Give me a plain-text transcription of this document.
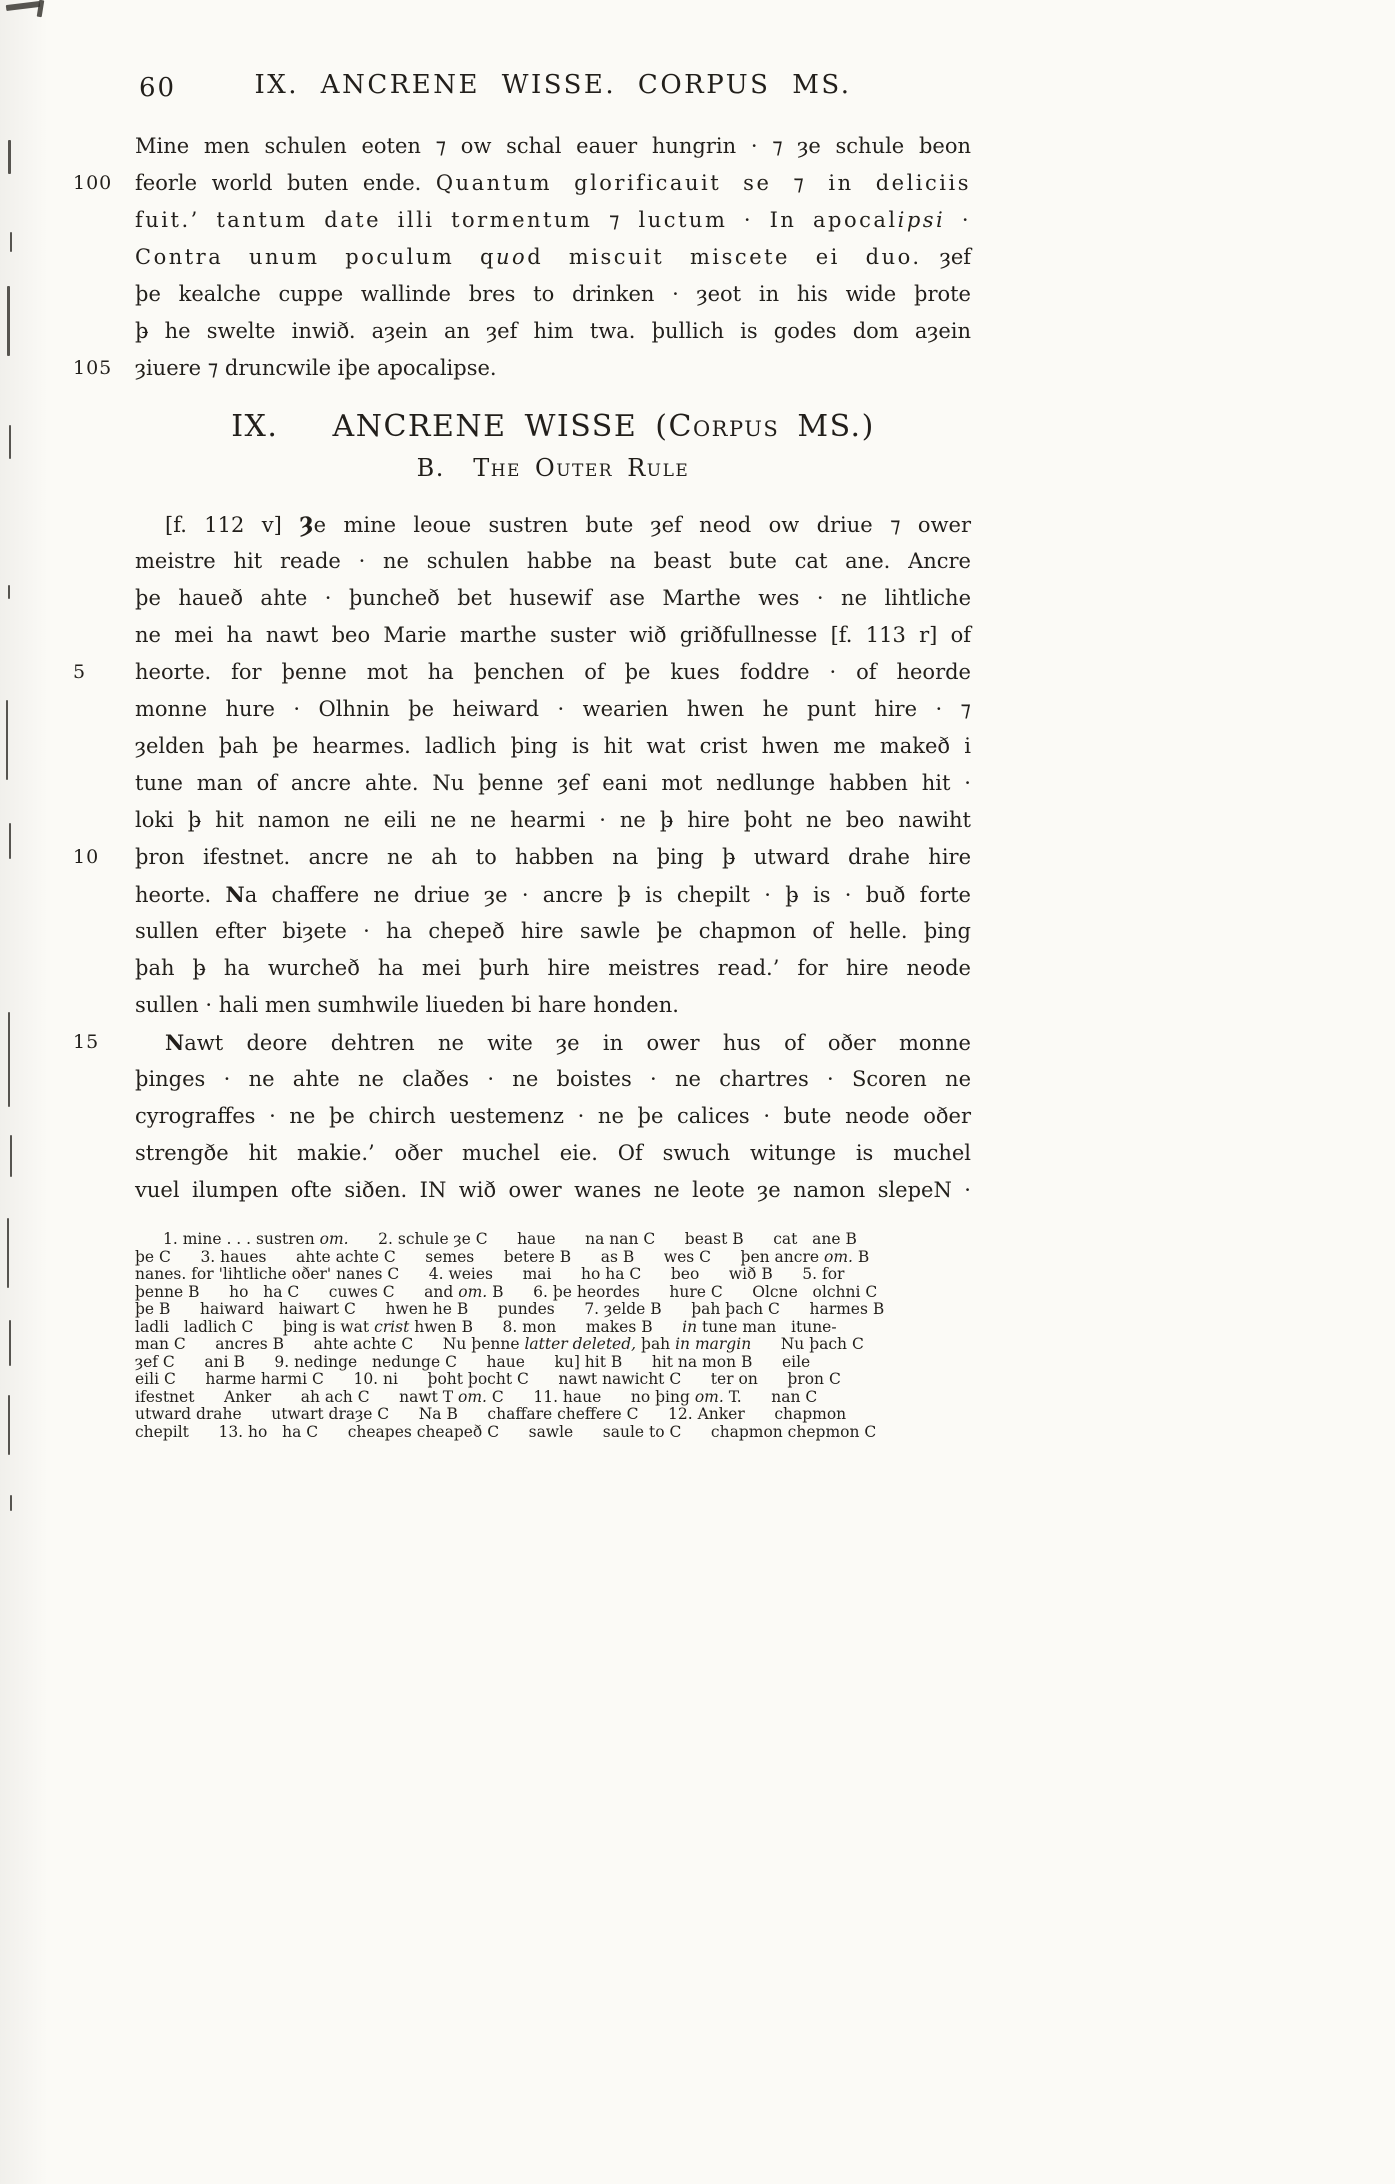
60	IX. ANCRENE WISSE. CORPUS MS.
Mine men schulen eoten ⁊ ow schal eauer hungrin · ⁊ ȝe schule beon
100	feorle world buten ende. Quantum glorificauit se ⁊ in deliciis
fuit.’ tantum date illi tormentum ⁊ luctum · In apocalipsi ·
Contra unum poculum quod miscuit miscete ei duo. ȝef
þe kealche cuppe wallinde bres to drinken · ȝeot in his wide þrote
þ̵ he swelte inwið. aȝein an ȝef him twa. þullich is godes dom aȝein
105	ȝiuere ⁊ druncwile iþe apocalipse.
IX.   ANCRENE WISSE (Corpus MS.)
B.  The Outer Rule
[f. 112 v] Ȝe mine leoue sustren bute ȝef neod ow driue ⁊ ower
meistre hit reade · ne schulen habbe na beast bute cat ane. Ancre
þe haueð ahte · þuncheð bet husewif ase Marthe wes · ne lihtliche
ne mei ha nawt beo Marie marthe suster wið griðfullnesse [f. 113 r] of
5	heorte. for þenne mot ha þenchen of þe kues foddre · of heorde
monne hure · Olhnin þe heiward · wearien hwen he punt hire · ⁊
ȝelden þah þe hearmes. ladlich þing is hit wat crist hwen me makeð i
tune man of ancre ahte. Nu þenne ȝef eani mot nedlunge habben hit ·
loki þ̵ hit namon ne eili ne ne hearmi · ne þ̵ hire þoht ne beo nawiht
10	þron ifestnet. ancre ne ah to habben na þing þ̵ utward drahe hire
heorte. Na chaffere ne driue ȝe · ancre þ̵ is chepilt · þ̵ is · buð forte
sullen efter biȝete · ha chepeð hire sawle þe chapmon of helle. þing
þah þ̵ ha wurcheð ha mei þurh hire meistres read.’ for hire neode
sullen · hali men sumhwile liueden bi hare honden.
15	Nawt deore dehtren ne wite ȝe in ower hus of oðer monne
þinges · ne ahte ne claðes · ne boistes · ne chartres · Scoren ne
cyrograffes · ne þe chirch uestemenz · ne þe calices · bute neode oðer
strengðe hit makie.’ oðer muchel eie. Of swuch witunge is muchel
vuel ilumpen ofte siðen. IN wið ower wanes ne leote ȝe namon slepeN ·
1. mine . . . sustren om.      2. schule ȝe C      haue      na nan C      beast B      cat   ane B
þe C      3. haues      ahte achte C      semes      betere B      as B      wes C      þen ancre om. B
nanes. for 'lihtliche oðer' nanes C      4. weies      mai      ho ha C      beo      wið B      5. for
þenne B      ho   ha C      cuwes C      and om. B      6. þe heordes      hure C      Olcne   olchni C
þe B      haiward   haiwart C      hwen he B      pundes      7. ȝelde B      þah þach C      harmes B
ladli   ladlich C      þing is wat crist hwen B      8. mon      makes B      in tune man   itune-
man C      ancres B      ahte achte C      Nu þenne latter deleted, þah in margin      Nu þach C
ȝef C      ani B      9. nedinge   nedunge C      haue      ku] hit B      hit na mon B      eile
eili C      harme harmi C      10. ni      þoht þocht C      nawt nawicht C      ter on      þron C
ifestnet      Anker      ah ach C      nawt T om. C      11. haue      no þing om. T.      nan C
utward drahe      utwart draȝe C      Na B      chaffare cheffere C      12. Anker      chapmon
chepilt      13. ho   ha C      cheapes cheapeð C      sawle      saule to C      chapmon chepmon C
